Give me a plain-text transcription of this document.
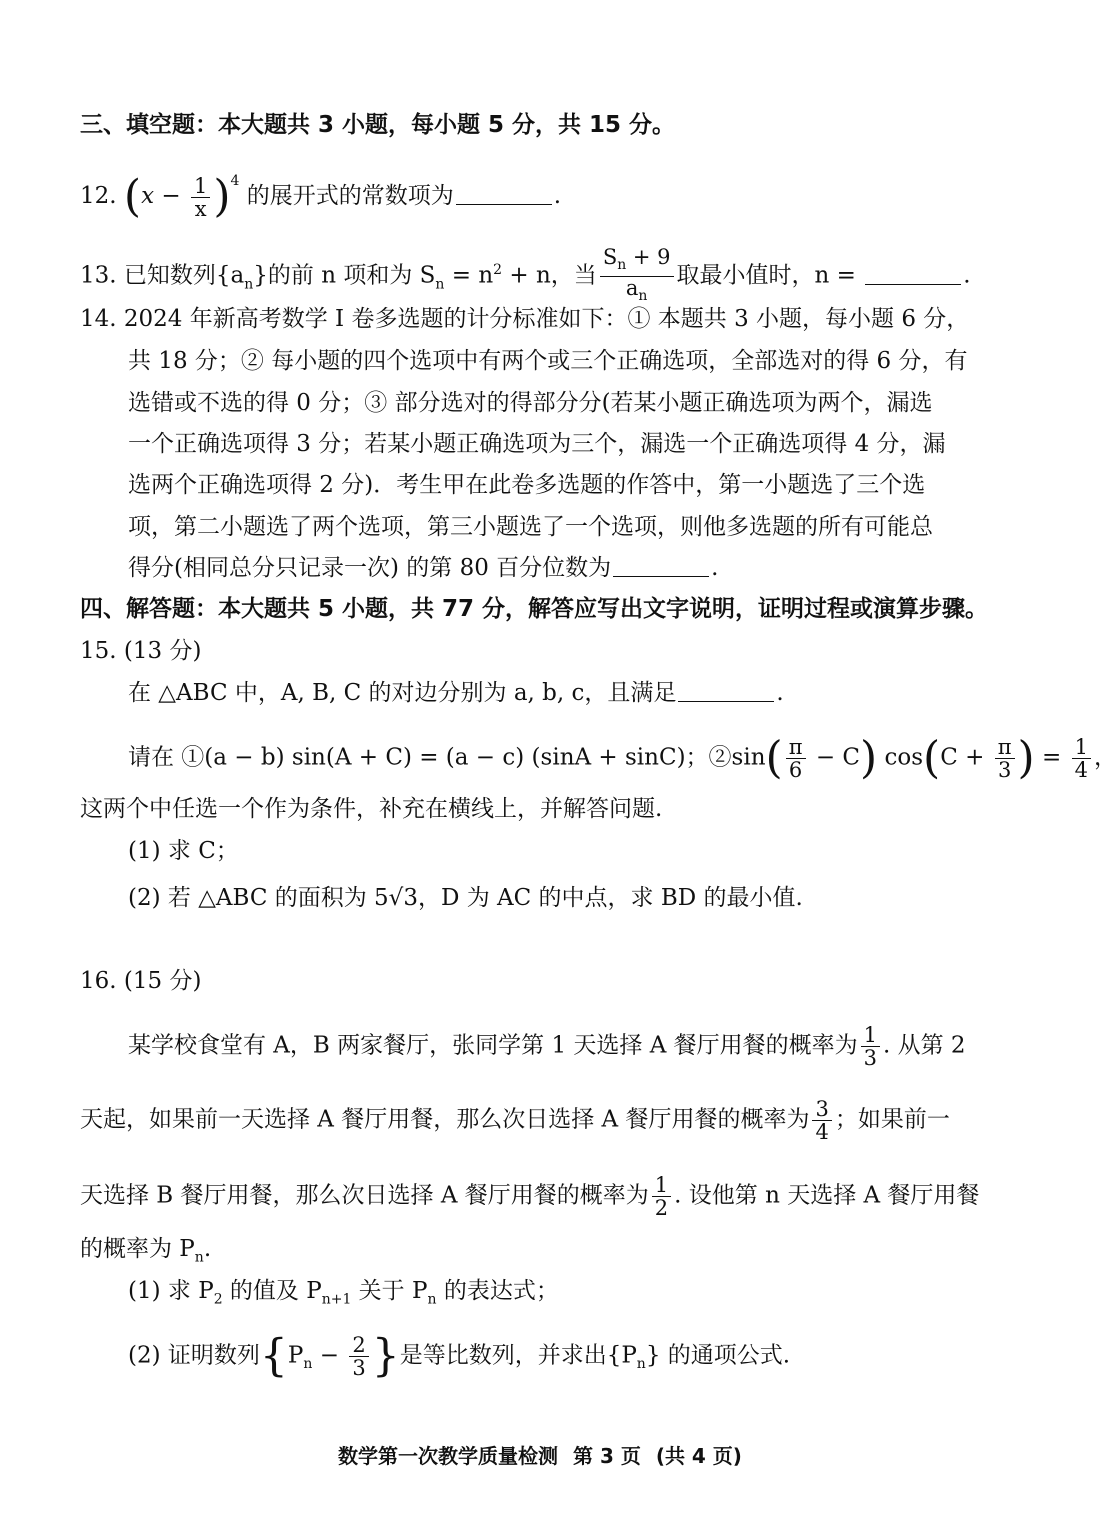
三、填空题：本大题共 3 小题，每小题 5 分，共 15 分。
12. $(x - \frac{1}{x} )^4$ 的展开式的常数项为	.
13. 已知数列$\{a_n\}$的前 n 项和为 $S_n = n^2 + n$，当 $\frac{S_n + 9}{a_n}$ 取最小值时，n =	.
14. 2024 年新高考数学 Ⅰ 卷多选题的计分标准如下：① 本题共 3 小题，每小题 6 分，
共 18 分；② 每小题的四个选项中有两个或三个正确选项，全部选对的得 6 分，有
选错或不选的得 0 分；③ 部分选对的得部分分(若某小题正确选项为两个，漏选
一个正确选项得 3 分；若某小题正确选项为三个，漏选一个正确选项得 4 分，漏
选两个正确选项得 2 分)．考生甲在此卷多选题的作答中，第一小题选了三个选
项，第二小题选了两个选项，第三小题选了一个选项，则他多选题的所有可能总
得分(相同总分只记录一次) 的第 80 百分位数为	.
四、解答题：本大题共 5 小题，共 77 分，解答应写出文字说明，证明过程或演算步骤。
15. (13 分)
在 △ABC 中，A, B, C 的对边分别为 a, b, c，且满足	.
请在 ①(a − b) sin(A + C) = (a − c) (sinA + sinC)；②sin( $\frac{\pi}{6} - C$) $\cos(C + \frac{\pi}{3}$ ) = $\frac{1}{4}$ ，
这两个中任选一个作为条件，补充在横线上，并解答问题.
(1) 求 C；
(2) 若 △ABC 的面积为 5√3，D 为 AC 的中点，求 BD 的最小值.
16. (15 分)
某学校食堂有 A，B 两家餐厅，张同学第 1 天选择 A 餐厅用餐的概率为 $\frac{1}{3}$ . 从第 2
天起，如果前一天选择 A 餐厅用餐，那么次日选择 A 餐厅用餐的概率为 $\frac{3}{4}$ ；如果前一
天选择 B 餐厅用餐，那么次日选择 A 餐厅用餐的概率为 $\frac{1}{2}$ . 设他第 n 天选择 A 餐厅用餐
的概率为 $P_n$.
(1) 求 $P_2$ 的值及 $P_{n+1}$ 关于 $P_n$ 的表达式；
(2) 证明数列{$P_n - \frac{2}{3}$ }是等比数列，并求出$\{P_n\}$ 的通项公式.
数学第一次教学质量检测 第 3 页 (共 4 页)
